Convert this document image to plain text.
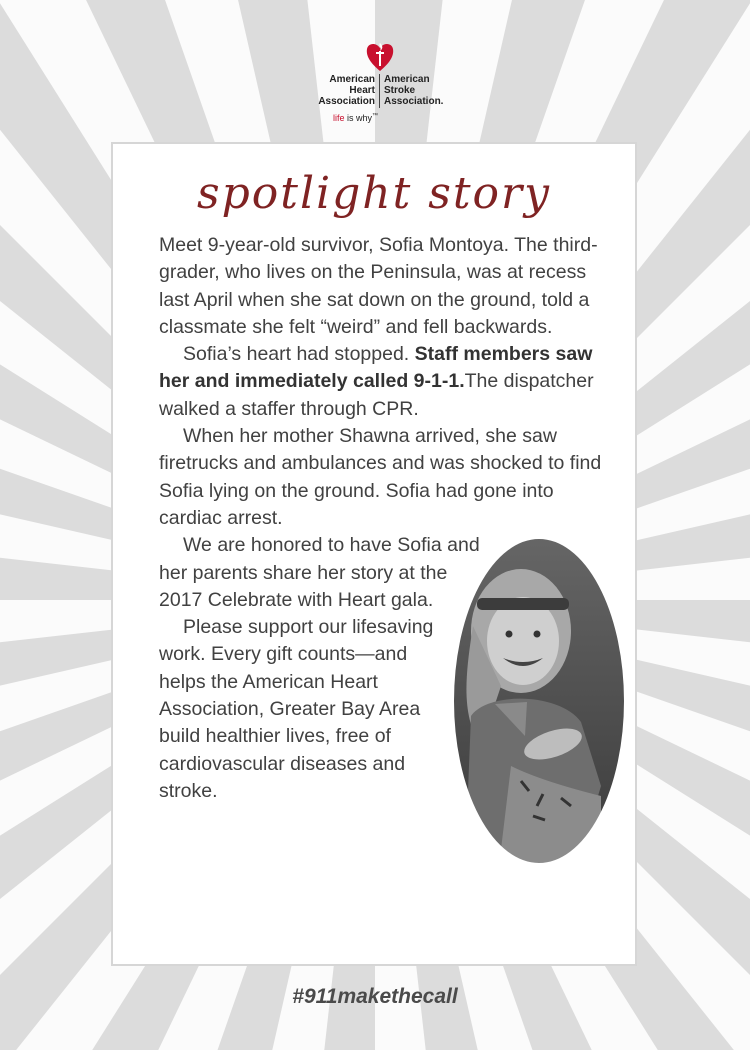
American
Heart
Association
American
Stroke
Association.
life is why™
spotlight story

Meet 9-year-old survivor, Sofia Montoya. The third-grader, who lives on the Peninsula, was at recess last April when she sat down on the ground, told a classmate she felt “weird” and fell backwards.

Sofia’s heart had stopped. Staff members saw her and immediately called 9-1-1.The dispatcher walked a staffer through CPR.

When her mother Shawna arrived, she saw firetrucks and ambulances and was shocked to find Sofia lying on the ground. Sofia had gone into cardiac arrest.

We are honored to have Sofia and her parents share her story at the 2017 Celebrate with Heart gala.

Please support our lifesaving work. Every gift counts—and helps the American Heart Association, Greater Bay Area build healthier lives, free of cardiovascular diseases and stroke.

#911makethecall
